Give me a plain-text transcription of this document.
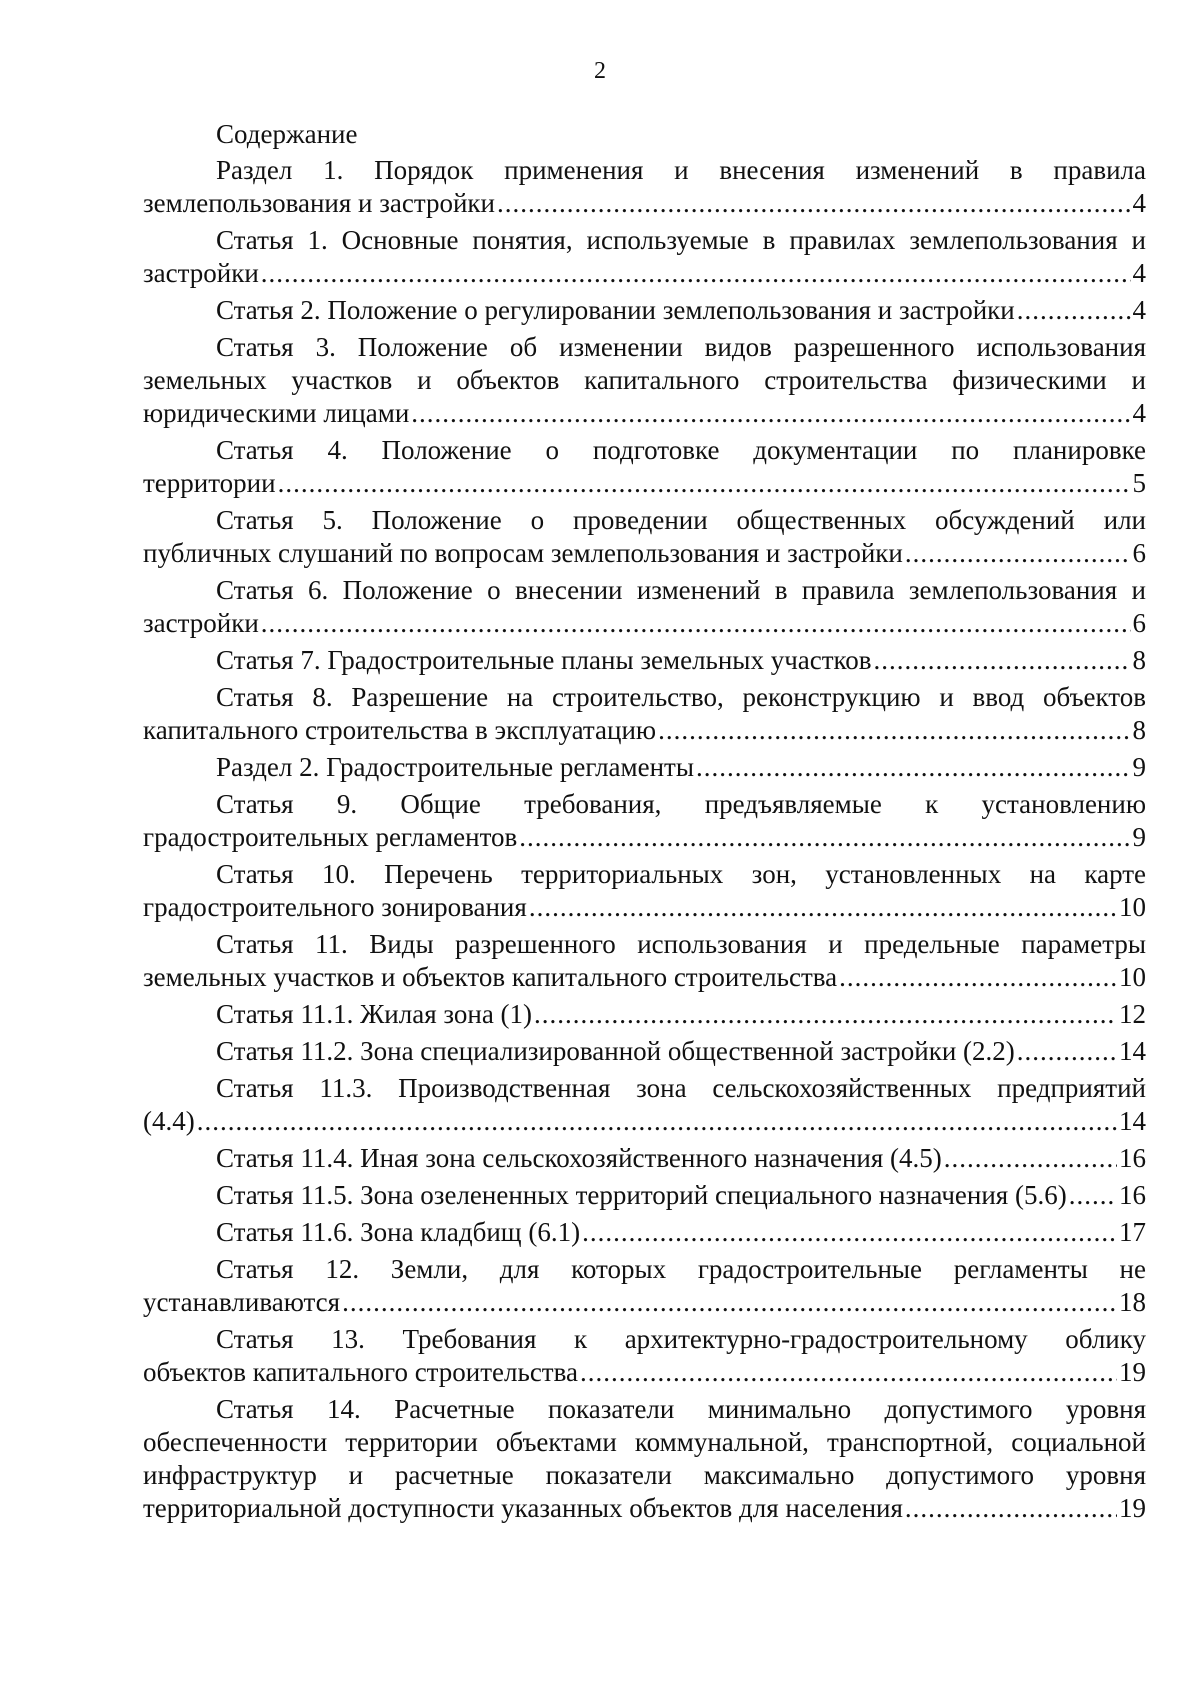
2
Содержание
Раздел 1. Порядок применения и внесения изменений в правила
землепользования и застройки .....	4
Статья 1. Основные понятия, используемые в правилах землепользования и
застройки .....	4
Статья 2. Положение о регулировании землепользования и застройки .....	4
Статья 3. Положение об изменении видов разрешенного использования земельных участков и объектов капитального строительства физическими и
юридическими лицами .....	4
Статья 4. Положение о подготовке документации по планировке
территории .....	5
Статья 5. Положение о проведении общественных обсуждений или
публичных слушаний по вопросам землепользования и застройки .....	6
Статья 6. Положение о внесении изменений в правила землепользования и
застройки .....	6
Статья 7. Градостроительные планы земельных участков .....	8
Статья 8. Разрешение на строительство, реконструкцию и ввод объектов
капитального строительства в эксплуатацию .....	8
Раздел 2. Градостроительные регламенты .....	9
Статья 9. Общие требования, предъявляемые к установлению
градостроительных регламентов .....	9
Статья 10. Перечень территориальных зон, установленных на карте
градостроительного зонирования .....	10
Статья 11. Виды разрешенного использования и предельные параметры
земельных участков и объектов капитального строительства .....	10
Статья 11.1. Жилая зона (1) .....	12
Статья 11.2. Зона специализированной общественной застройки (2.2) .....	14
Статья 11.3. Производственная зона сельскохозяйственных предприятий
(4.4) .....	14
Статья 11.4. Иная зона сельскохозяйственного назначения (4.5) .....	16
Статья 11.5. Зона озелененных территорий специального назначения (5.6) ..... 16
Статья 11.6. Зона кладбищ (6.1) .....	17
Статья 12. Земли, для которых градостроительные регламенты не
устанавливаются .....	18
Статья 13. Требования к архитектурно-градостроительному облику
объектов капитального строительства .....	19
Статья 14. Расчетные показатели минимально допустимого уровня обеспеченности территории объектами коммунальной, транспортной, социальной инфраструктур и расчетные показатели максимально допустимого уровня
территориальной доступности указанных объектов для населения .....	19
